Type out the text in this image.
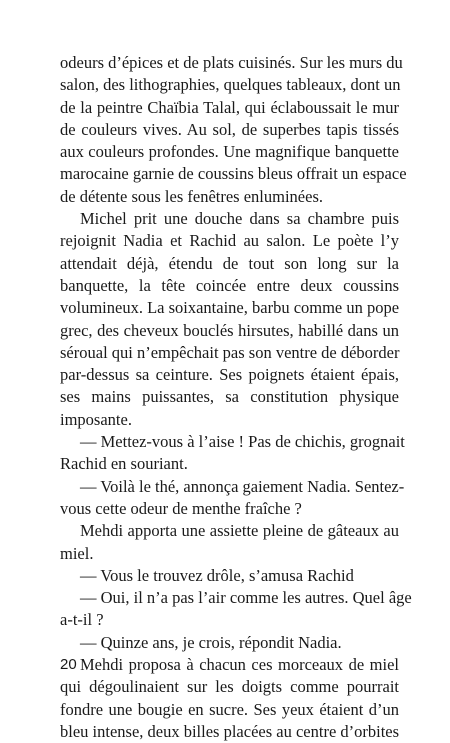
odeurs d’épices et de plats cuisinés. Sur les murs du
salon, des lithographies, quelques tableaux, dont un
de la peintre Chaïbia Talal, qui éclaboussait le mur
de couleurs vives. Au sol, de superbes tapis tissés
aux couleurs profondes. Une magnifique banquette
marocaine garnie de coussins bleus offrait un espace
de détente sous les fenêtres enluminées.
Michel prit une douche dans sa chambre puis
rejoignit Nadia et Rachid au salon. Le poète l’y
attendait déjà, étendu de tout son long sur la
banquette, la tête coincée entre deux coussins
volumineux. La soixantaine, barbu comme un pope
grec, des cheveux bouclés hirsutes, habillé dans un
séroual qui n’empêchait pas son ventre de déborder
par-dessus sa ceinture. Ses poignets étaient épais,
ses mains puissantes, sa constitution physique
imposante.
— Mettez-vous à l’aise ! Pas de chichis, grognait
Rachid en souriant.
— Voilà le thé, annonça gaiement Nadia. Sentez-
vous cette odeur de menthe fraîche ?
Mehdi apporta une assiette pleine de gâteaux au
miel.
— Vous le trouvez drôle, s’amusa Rachid
— Oui, il n’a pas l’air comme les autres. Quel âge
a-t-il ?
— Quinze ans, je crois, répondit Nadia.
Mehdi proposa à chacun ces morceaux de miel
qui dégoulinaient sur les doigts comme pourrait
fondre une bougie en sucre. Ses yeux étaient d’un
bleu intense, deux billes placées au centre d’orbites
20
